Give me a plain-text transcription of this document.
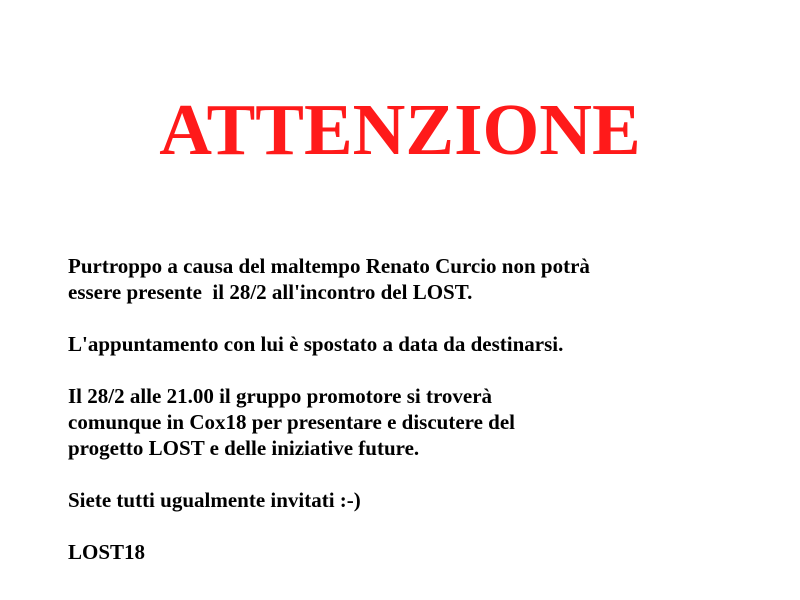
ATTENZIONE

Purtroppo a causa del maltempo Renato Curcio non potrà
essere presente  il 28/2 all'incontro del LOST.

L'appuntamento con lui è spostato a data da destinarsi.

Il 28/2 alle 21.00 il gruppo promotore si troverà
comunque in Cox18 per presentare e discutere del
progetto LOST e delle iniziative future.

Siete tutti ugualmente invitati :-)

LOST18
